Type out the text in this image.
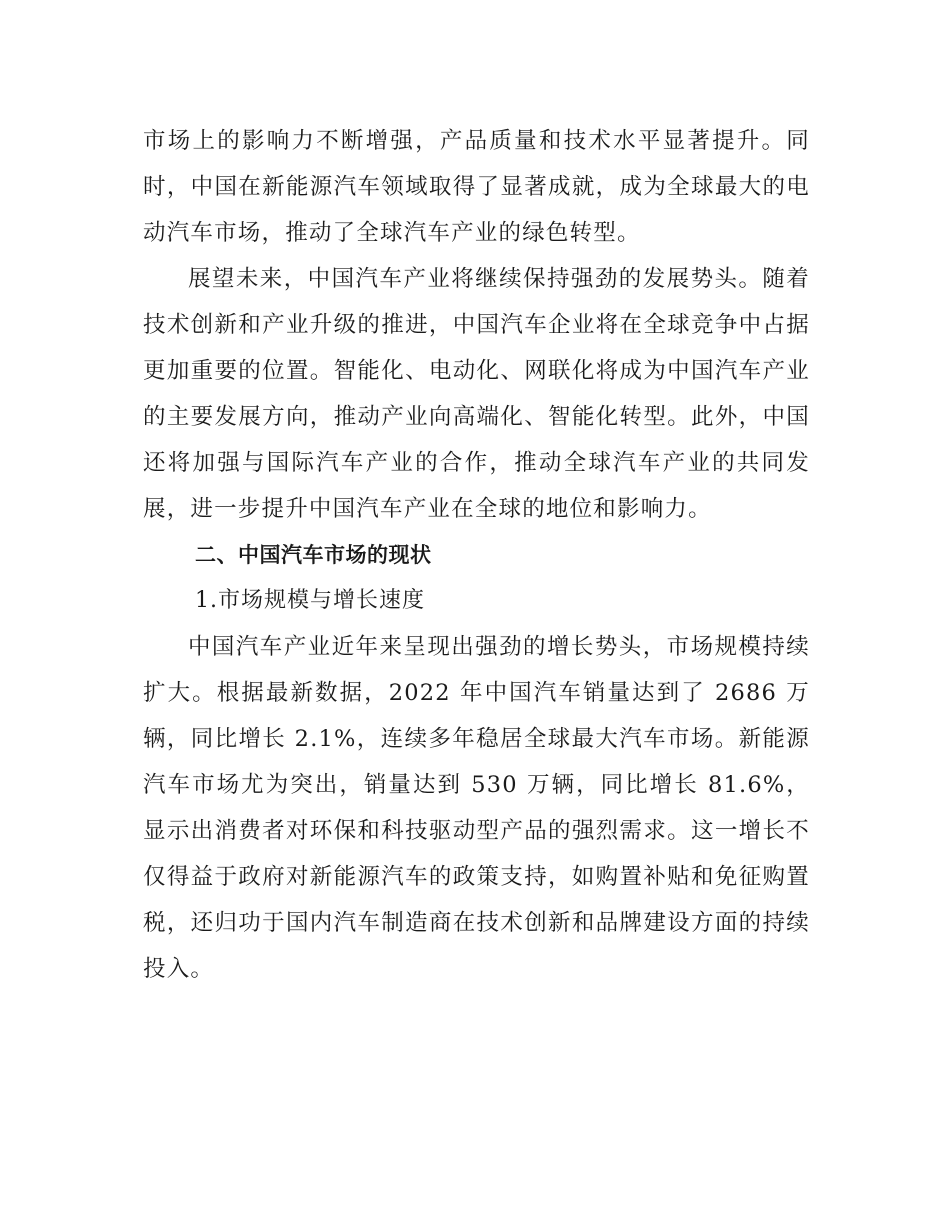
市场上的影响力不断增强，产品质量和技术水平显著提升。同时，中国在新能源汽车领域取得了显著成就，成为全球最大的电动汽车市场，推动了全球汽车产业的绿色转型。

展望未来，中国汽车产业将继续保持强劲的发展势头。随着技术创新和产业升级的推进，中国汽车企业将在全球竞争中占据更加重要的位置。智能化、电动化、网联化将成为中国汽车产业的主要发展方向，推动产业向高端化、智能化转型。此外，中国还将加强与国际汽车产业的合作，推动全球汽车产业的共同发展，进一步提升中国汽车产业在全球的地位和影响力。

二、中国汽车市场的现状
1.市场规模与增长速度

中国汽车产业近年来呈现出强劲的增长势头，市场规模持续扩大。根据最新数据，2022 年中国汽车销量达到了 2686 万辆，同比增长 2.1%，连续多年稳居全球最大汽车市场。新能源汽车市场尤为突出，销量达到 530 万辆，同比增长 81.6%，显示出消费者对环保和科技驱动型产品的强烈需求。这一增长不仅得益于政府对新能源汽车的政策支持，如购置补贴和免征购置税，还归功于国内汽车制造商在技术创新和品牌建设方面的持续投入。
